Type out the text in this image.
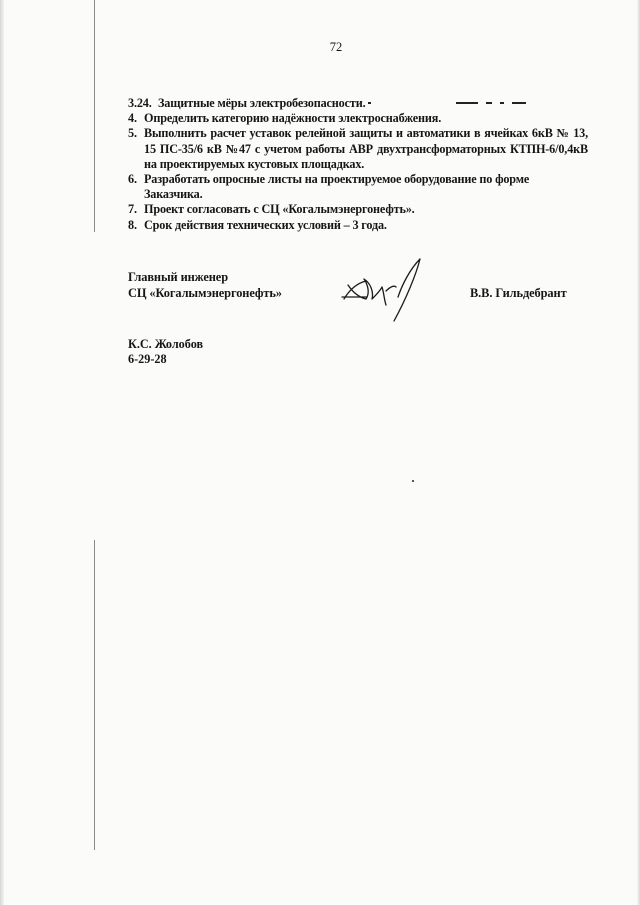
72
3.24. Защитные мёры электробезопасности.
4. Определить категорию надёжности электроснабжения.
5. Выполнить расчет уставок релейной защиты и автоматики в ячейках 6кВ № 13, 15 ПС-35/6 кВ №47 с учетом работы АВР двухтрансформаторных КТПН-6/0,4кВ на проектируемых кустовых площадках.
6. Разработать опросные листы на проектируемое оборудование по форме Заказчика.
7. Проект согласовать с СЦ «Когалымэнергонефть».
8. Срок действия технических условий – 3 года.
Главный инженер
СЦ «Когалымэнергонефть»	В.В. Гильдебрант
К.С. Жолобов
6-29-28
